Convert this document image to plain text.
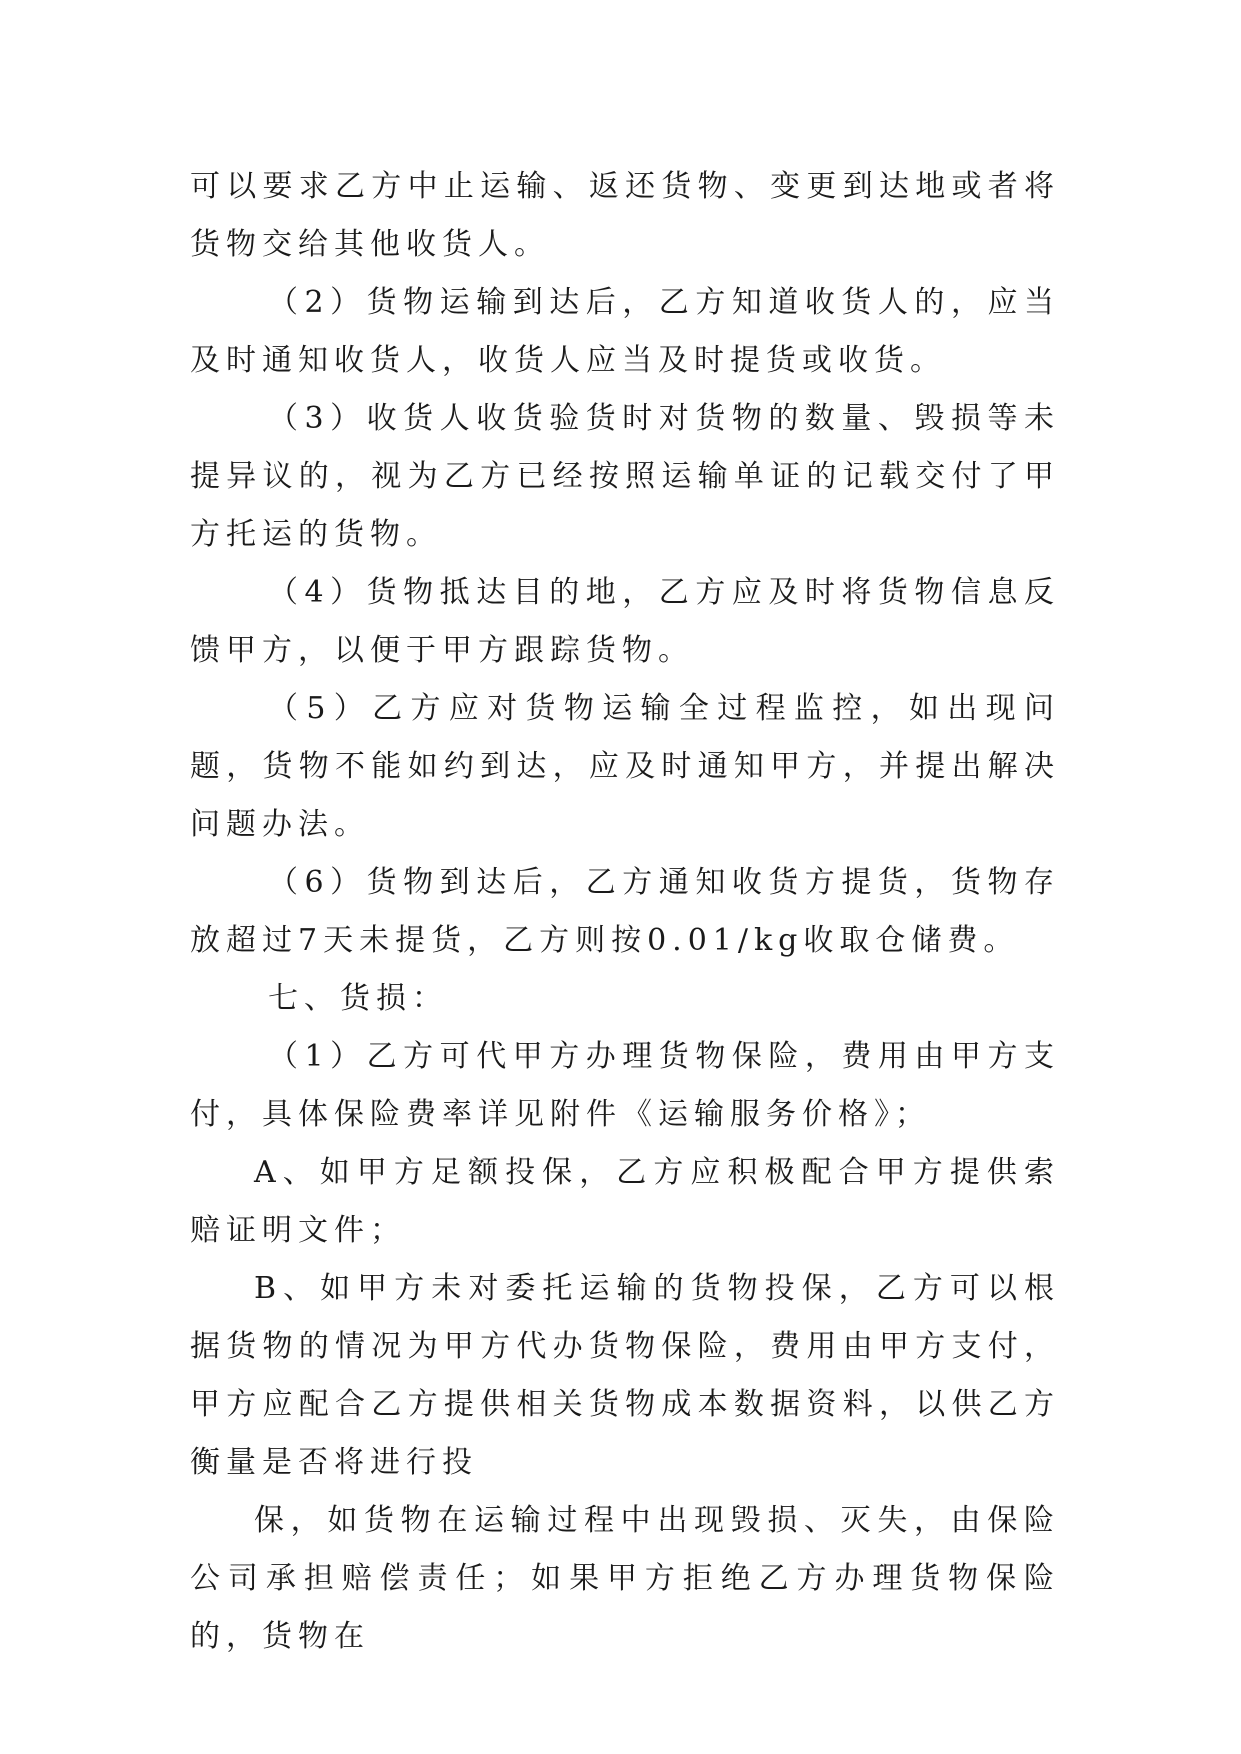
可以要求乙方中止运输、返还货物、变更到达地或者将货物交给其他收货人。

（2）货物运输到达后，乙方知道收货人的，应当及时通知收货人，收货人应当及时提货或收货。

（3）收货人收货验货时对货物的数量、毁损等未提异议的，视为乙方已经按照运输单证的记载交付了甲方托运的货物。

（4）货物抵达目的地，乙方应及时将货物信息反馈甲方，以便于甲方跟踪货物。

（5）乙方应对货物运输全过程监控，如出现问题，货物不能如约到达，应及时通知甲方，并提出解决问题办法。

（6）货物到达后，乙方通知收货方提货，货物存放超过7天未提货，乙方则按0.01/kg收取仓储费。

七、货损：

（1）乙方可代甲方办理货物保险，费用由甲方支付，具体保险费率详见附件《运输服务价格》；

A、如甲方足额投保，乙方应积极配合甲方提供索赔证明文件；

B、如甲方未对委托运输的货物投保，乙方可以根据货物的情况为甲方代办货物保险，费用由甲方支付，甲方应配合乙方提供相关货物成本数据资料，以供乙方衡量是否将进行投

保，如货物在运输过程中出现毁损、灭失，由保险公司承担赔偿责任；如果甲方拒绝乙方办理货物保险的，货物在
